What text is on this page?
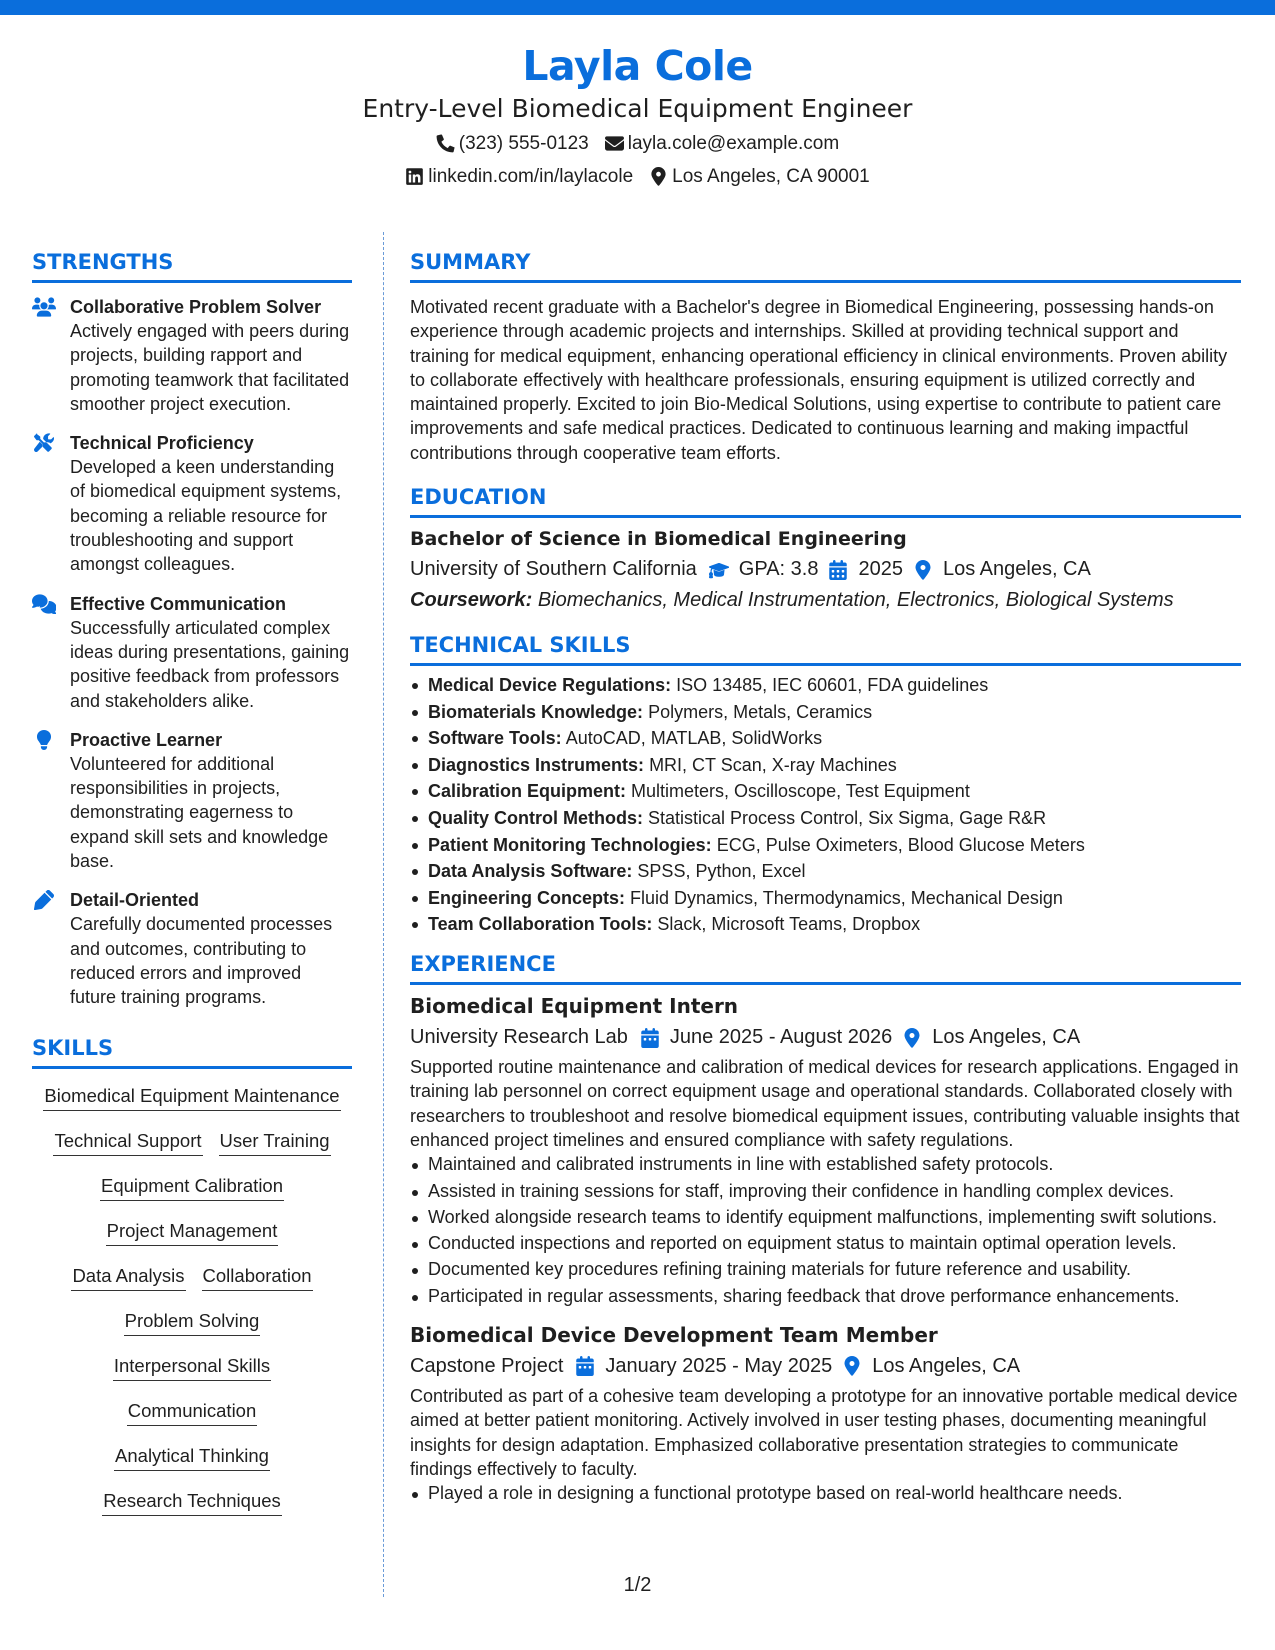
Layla Cole
Entry-Level Biomedical Equipment Engineer
(323) 555-0123 layla.cole@example.com
linkedin.com/in/laylacole Los Angeles, CA 90001
STRENGTHS
Collaborative Problem Solver
Actively engaged with peers during projects, building rapport and promoting teamwork that facilitated smoother project execution.
Technical Proficiency
Developed a keen understanding of biomedical equipment systems, becoming a reliable resource for troubleshooting and support amongst colleagues.
Effective Communication
Successfully articulated complex ideas during presentations, gaining positive feedback from professors and stakeholders alike.
Proactive Learner
Volunteered for additional responsibilities in projects, demonstrating eagerness to expand skill sets and knowledge base.
Detail-Oriented
Carefully documented processes and outcomes, contributing to reduced errors and improved future training programs.
SKILLS
Biomedical Equipment Maintenance
Technical Support User Training
Equipment Calibration
Project Management
Data Analysis Collaboration
Problem Solving
Interpersonal Skills
Communication
Analytical Thinking
Research Techniques
SUMMARY
Motivated recent graduate with a Bachelor's degree in Biomedical Engineering, possessing hands-on experience through academic projects and internships. Skilled at providing technical support and training for medical equipment, enhancing operational efficiency in clinical environments. Proven ability to collaborate effectively with healthcare professionals, ensuring equipment is utilized correctly and maintained properly. Excited to join Bio-Medical Solutions, using expertise to contribute to patient care improvements and safe medical practices. Dedicated to continuous learning and making impactful contributions through cooperative team efforts.
EDUCATION
Bachelor of Science in Biomedical Engineering
University of Southern California GPA: 3.8 2025 Los Angeles, CA
Coursework: Biomechanics, Medical Instrumentation, Electronics, Biological Systems
TECHNICAL SKILLS
Medical Device Regulations: ISO 13485, IEC 60601, FDA guidelines
Biomaterials Knowledge: Polymers, Metals, Ceramics
Software Tools: AutoCAD, MATLAB, SolidWorks
Diagnostics Instruments: MRI, CT Scan, X-ray Machines
Calibration Equipment: Multimeters, Oscilloscope, Test Equipment
Quality Control Methods: Statistical Process Control, Six Sigma, Gage R&R
Patient Monitoring Technologies: ECG, Pulse Oximeters, Blood Glucose Meters
Data Analysis Software: SPSS, Python, Excel
Engineering Concepts: Fluid Dynamics, Thermodynamics, Mechanical Design
Team Collaboration Tools: Slack, Microsoft Teams, Dropbox
EXPERIENCE
Biomedical Equipment Intern
University Research Lab June 2025 - August 2026 Los Angeles, CA
Supported routine maintenance and calibration of medical devices for research applications. Engaged in training lab personnel on correct equipment usage and operational standards. Collaborated closely with researchers to troubleshoot and resolve biomedical equipment issues, contributing valuable insights that enhanced project timelines and ensured compliance with safety regulations.
Maintained and calibrated instruments in line with established safety protocols.
Assisted in training sessions for staff, improving their confidence in handling complex devices.
Worked alongside research teams to identify equipment malfunctions, implementing swift solutions.
Conducted inspections and reported on equipment status to maintain optimal operation levels.
Documented key procedures refining training materials for future reference and usability.
Participated in regular assessments, sharing feedback that drove performance enhancements.
Biomedical Device Development Team Member
Capstone Project January 2025 - May 2025 Los Angeles, CA
Contributed as part of a cohesive team developing a prototype for an innovative portable medical device aimed at better patient monitoring. Actively involved in user testing phases, documenting meaningful insights for design adaptation. Emphasized collaborative presentation strategies to communicate findings effectively to faculty.
Played a role in designing a functional prototype based on real-world healthcare needs.
1/2
